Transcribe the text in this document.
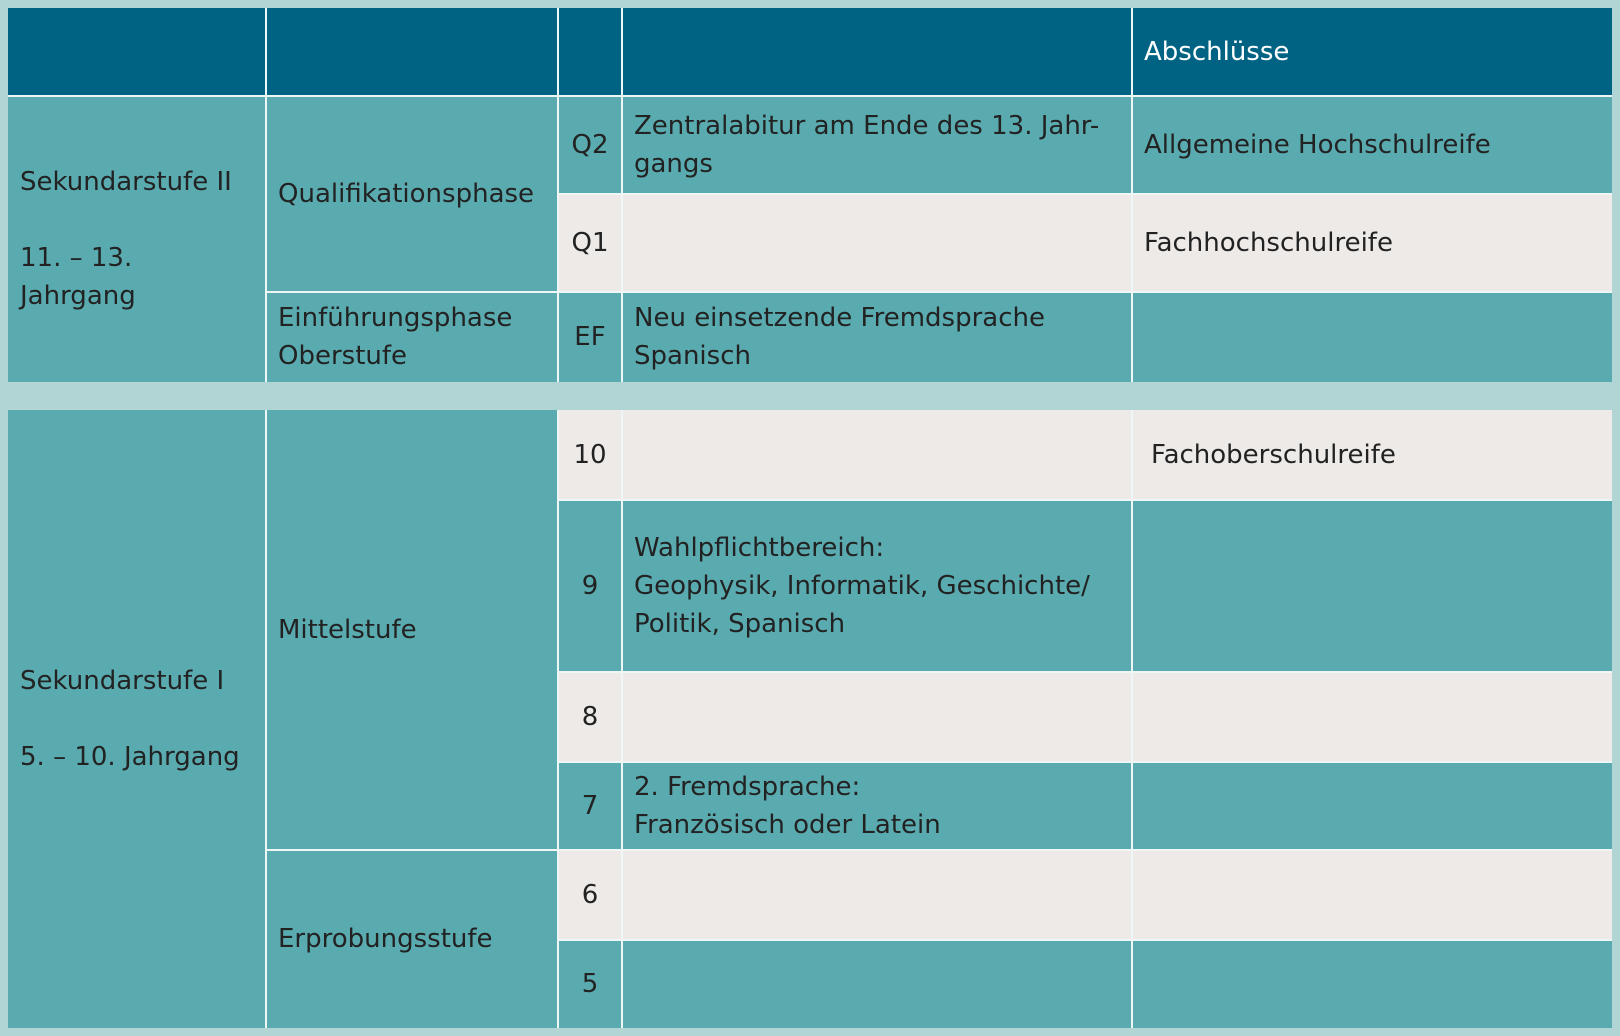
Abschlüsse
Sekundarstufe II
11. – 13. Jahrgang
Qualifikationsphase
Einführungsphase
Oberstufe
Q2
Zentralabitur am Ende des 13. Jahr-
gangs
Allgemeine Hochschulreife
Q1	Fachhochschulreife
EF
Neu einsetzende Fremdsprache
Spanisch
Sekundarstufe I
5. – 10. Jahrgang
Mittelstufe
Erprobungsstufe
10	Fachoberschulreife
9
Wahlpflichtbereich:
Geophysik, Informatik, Geschichte/
Politik, Spanisch
8
7
2. Fremdsprache:
Französisch oder Latein
6
5
